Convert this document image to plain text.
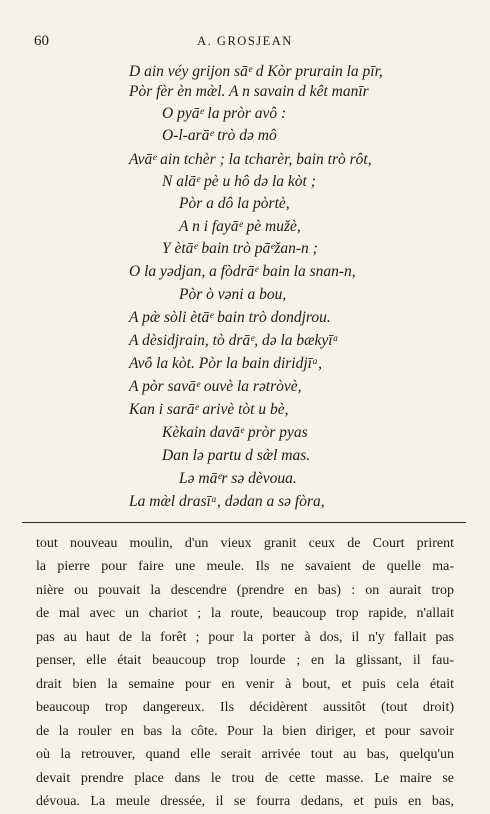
60	A. GROSJEAN
D ain véy grijon sāᵉ d Kòr prurain la pīr,
Pòr fèr èn mæ̀l. A n savain d kêt manīr
O pyāᵉ la pròr avô :
O-l-arāᵉ trò də mô
Avāᵉ ain tchèr ; la tcharèr, bain trò rôt,
N alāᵉ pè u hô də la kòt ;
Pòr a dô la pòrtè,
A n i fayāᵉ pè mužè,
Y ètāᵉ bain trò pāᵉžan-n ;
O la yədjan, a fòdrāᵉ bain la snan-n,
Pòr ò vəni a bou,
A pæ̀ sòli ètāᵉ bain trò dondjrou.
A dèsidjrain, tò drāᵉ, də la bækyīᵃ
Avô la kòt. Pòr la bain diridjīᵃ,
A pòr savāᵉ ouvè la rətròvè,
Kan i sarāᵉ arivè tòt u bè,
Kèkain davāᵉ pròr pyas
Dan lə partu d sæ̀l mas.
Lə māᵉr sə dèvoua.
La mæ̀l drasīᵃ, dədan a sə fòra,
tout nouveau moulin, d'un vieux granit ceux de Court prirent
la pierre pour faire une meule. Ils ne savaient de quelle ma-
nière ou pouvait la descendre (prendre en bas) : on aurait trop
de mal avec un chariot ; la route, beaucoup trop rapide, n'allait
pas au haut de la forêt ; pour la porter à dos, il n'y fallait pas
penser, elle était beaucoup trop lourde ; en la glissant, il fau-
drait bien la semaine pour en venir à bout, et puis cela était
beaucoup trop dangereux. Ils décidèrent aussitôt (tout droit)
de la rouler en bas la côte. Pour la bien diriger, et pour savoir
où la retrouver, quand elle serait arrivée tout au bas, quelqu'un
devait prendre place dans le trou de cette masse. Le maire se
dévoua. La meule dressée, il se fourra dedans, et puis en bas,
